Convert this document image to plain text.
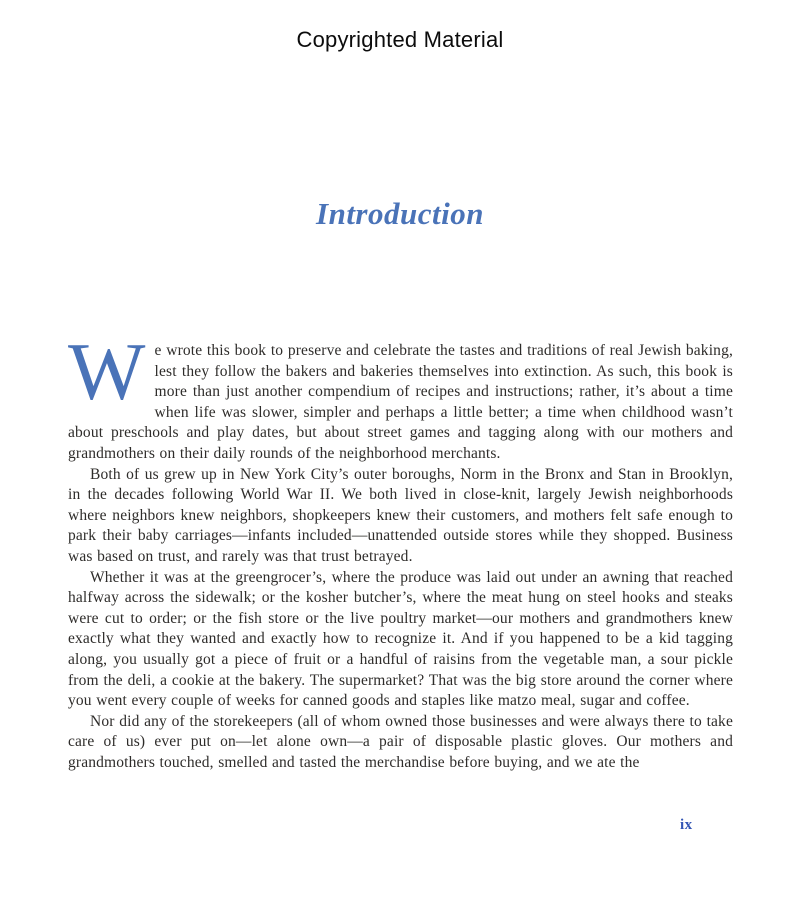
Copyrighted Material
Introduction

We wrote this book to preserve and celebrate the tastes and traditions of real Jewish baking, lest they follow the bakers and bakeries themselves into extinction. As such, this book is more than just another compendium of recipes and instructions; rather, it’s about a time when life was slower, simpler and perhaps a little better; a time when childhood wasn’t about preschools and play dates, but about street games and tagging along with our mothers and grandmothers on their daily rounds of the neighborhood merchants.

Both of us grew up in New York City’s outer boroughs, Norm in the Bronx and Stan in Brooklyn, in the decades following World War II. We both lived in close-knit, largely Jewish neighborhoods where neighbors knew neighbors, shopkeepers knew their customers, and mothers felt safe enough to park their baby carriages—infants included—unattended outside stores while they shopped. Business was based on trust, and rarely was that trust betrayed.

Whether it was at the greengrocer’s, where the produce was laid out under an awning that reached halfway across the sidewalk; or the kosher butcher’s, where the meat hung on steel hooks and steaks were cut to order; or the fish store or the live poultry market—our mothers and grandmothers knew exactly what they wanted and exactly how to recognize it. And if you happened to be a kid tagging along, you usually got a piece of fruit or a handful of raisins from the vegetable man, a sour pickle from the deli, a cookie at the bakery. The supermarket? That was the big store around the corner where you went every couple of weeks for canned goods and staples like matzo meal, sugar and coffee.

Nor did any of the storekeepers (all of whom owned those businesses and were always there to take care of us) ever put on—let alone own—a pair of disposable plastic gloves. Our mothers and grandmothers touched, smelled and tasted the merchandise before buying, and we ate the

ix
